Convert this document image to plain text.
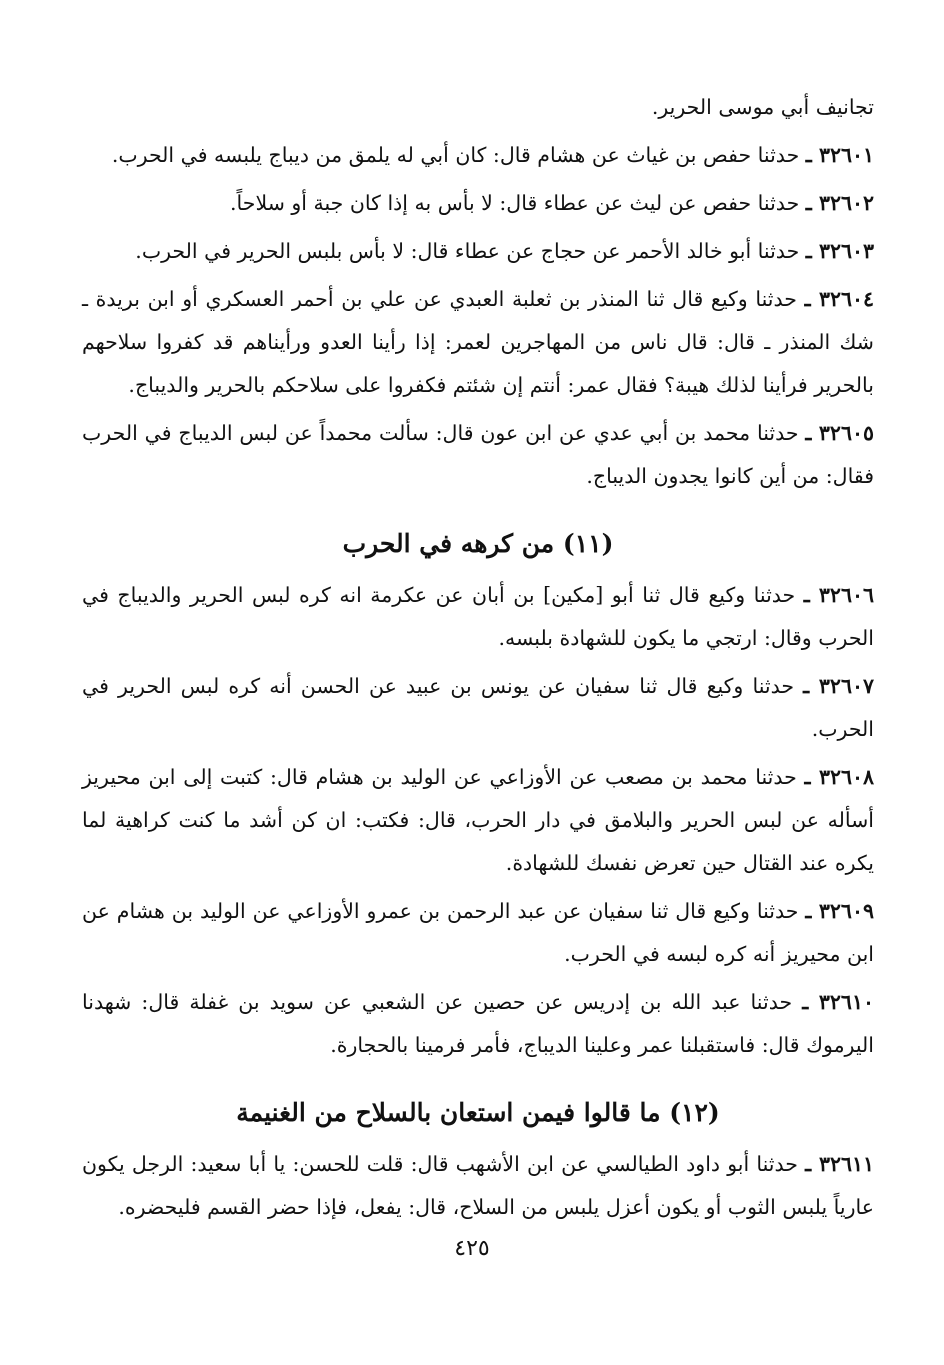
تجانيف أبي موسى الحرير.

٣٢٦٠١ ـ حدثنا حفص بن غياث عن هشام قال: كان أبي له يلمق من ديباج يلبسه في الحرب.

٣٢٦٠٢ ـ حدثنا حفص عن ليث عن عطاء قال: لا بأس به إذا كان جبة أو سلاحاً.

٣٢٦٠٣ ـ حدثنا أبو خالد الأحمر عن حجاج عن عطاء قال: لا بأس بلبس الحرير في الحرب.

٣٢٦٠٤ ـ حدثنا وكيع قال ثنا المنذر بن ثعلبة العبدي عن علي بن أحمر العسكري أو ابن بريدة ـ شك المنذر ـ قال: قال ناس من المهاجرين لعمر: إذا رأينا العدو ورأيناهم قد كفروا سلاحهم بالحرير فرأينا لذلك هيبة؟ فقال عمر: أنتم إن شئتم فكفروا على سلاحكم بالحرير والديباج.

٣٢٦٠٥ ـ حدثنا محمد بن أبي عدي عن ابن عون قال: سألت محمداً عن لبس الديباج في الحرب فقال: من أين كانوا يجدون الديباج.

(١١) من كرهه في الحرب

٣٢٦٠٦ ـ حدثنا وكيع قال ثنا أبو [مكين] بن أبان عن عكرمة انه كره لبس الحرير والديباج في الحرب وقال: ارتجي ما يكون للشهادة بلبسه.

٣٢٦٠٧ ـ حدثنا وكيع قال ثنا سفيان عن يونس بن عبيد عن الحسن أنه كره لبس الحرير في الحرب.

٣٢٦٠٨ ـ حدثنا محمد بن مصعب عن الأوزاعي عن الوليد بن هشام قال: كتبت إلى ابن محيريز أسأله عن لبس الحرير والبلامق في دار الحرب، قال: فكتب: ان كن أشد ما كنت كراهية لما يكره عند القتال حين تعرض نفسك للشهادة.

٣٢٦٠٩ ـ حدثنا وكيع قال ثنا سفيان عن عبد الرحمن بن عمرو الأوزاعي عن الوليد بن هشام عن ابن محيريز أنه كره لبسه في الحرب.

٣٢٦١٠ ـ حدثنا عبد الله بن إدريس عن حصين عن الشعبي عن سويد بن غفلة قال: شهدنا اليرموك قال: فاستقبلنا عمر وعلينا الديباج، فأمر فرمينا بالحجارة.

(١٢) ما قالوا فيمن استعان بالسلاح من الغنيمة

٣٢٦١١ ـ حدثنا أبو داود الطيالسي عن ابن الأشهب قال: قلت للحسن: يا أبا سعيد: الرجل يكون عارياً يلبس الثوب أو يكون أعزل يلبس من السلاح، قال: يفعل، فإذا حضر القسم فليحضره.

٤٢٥
